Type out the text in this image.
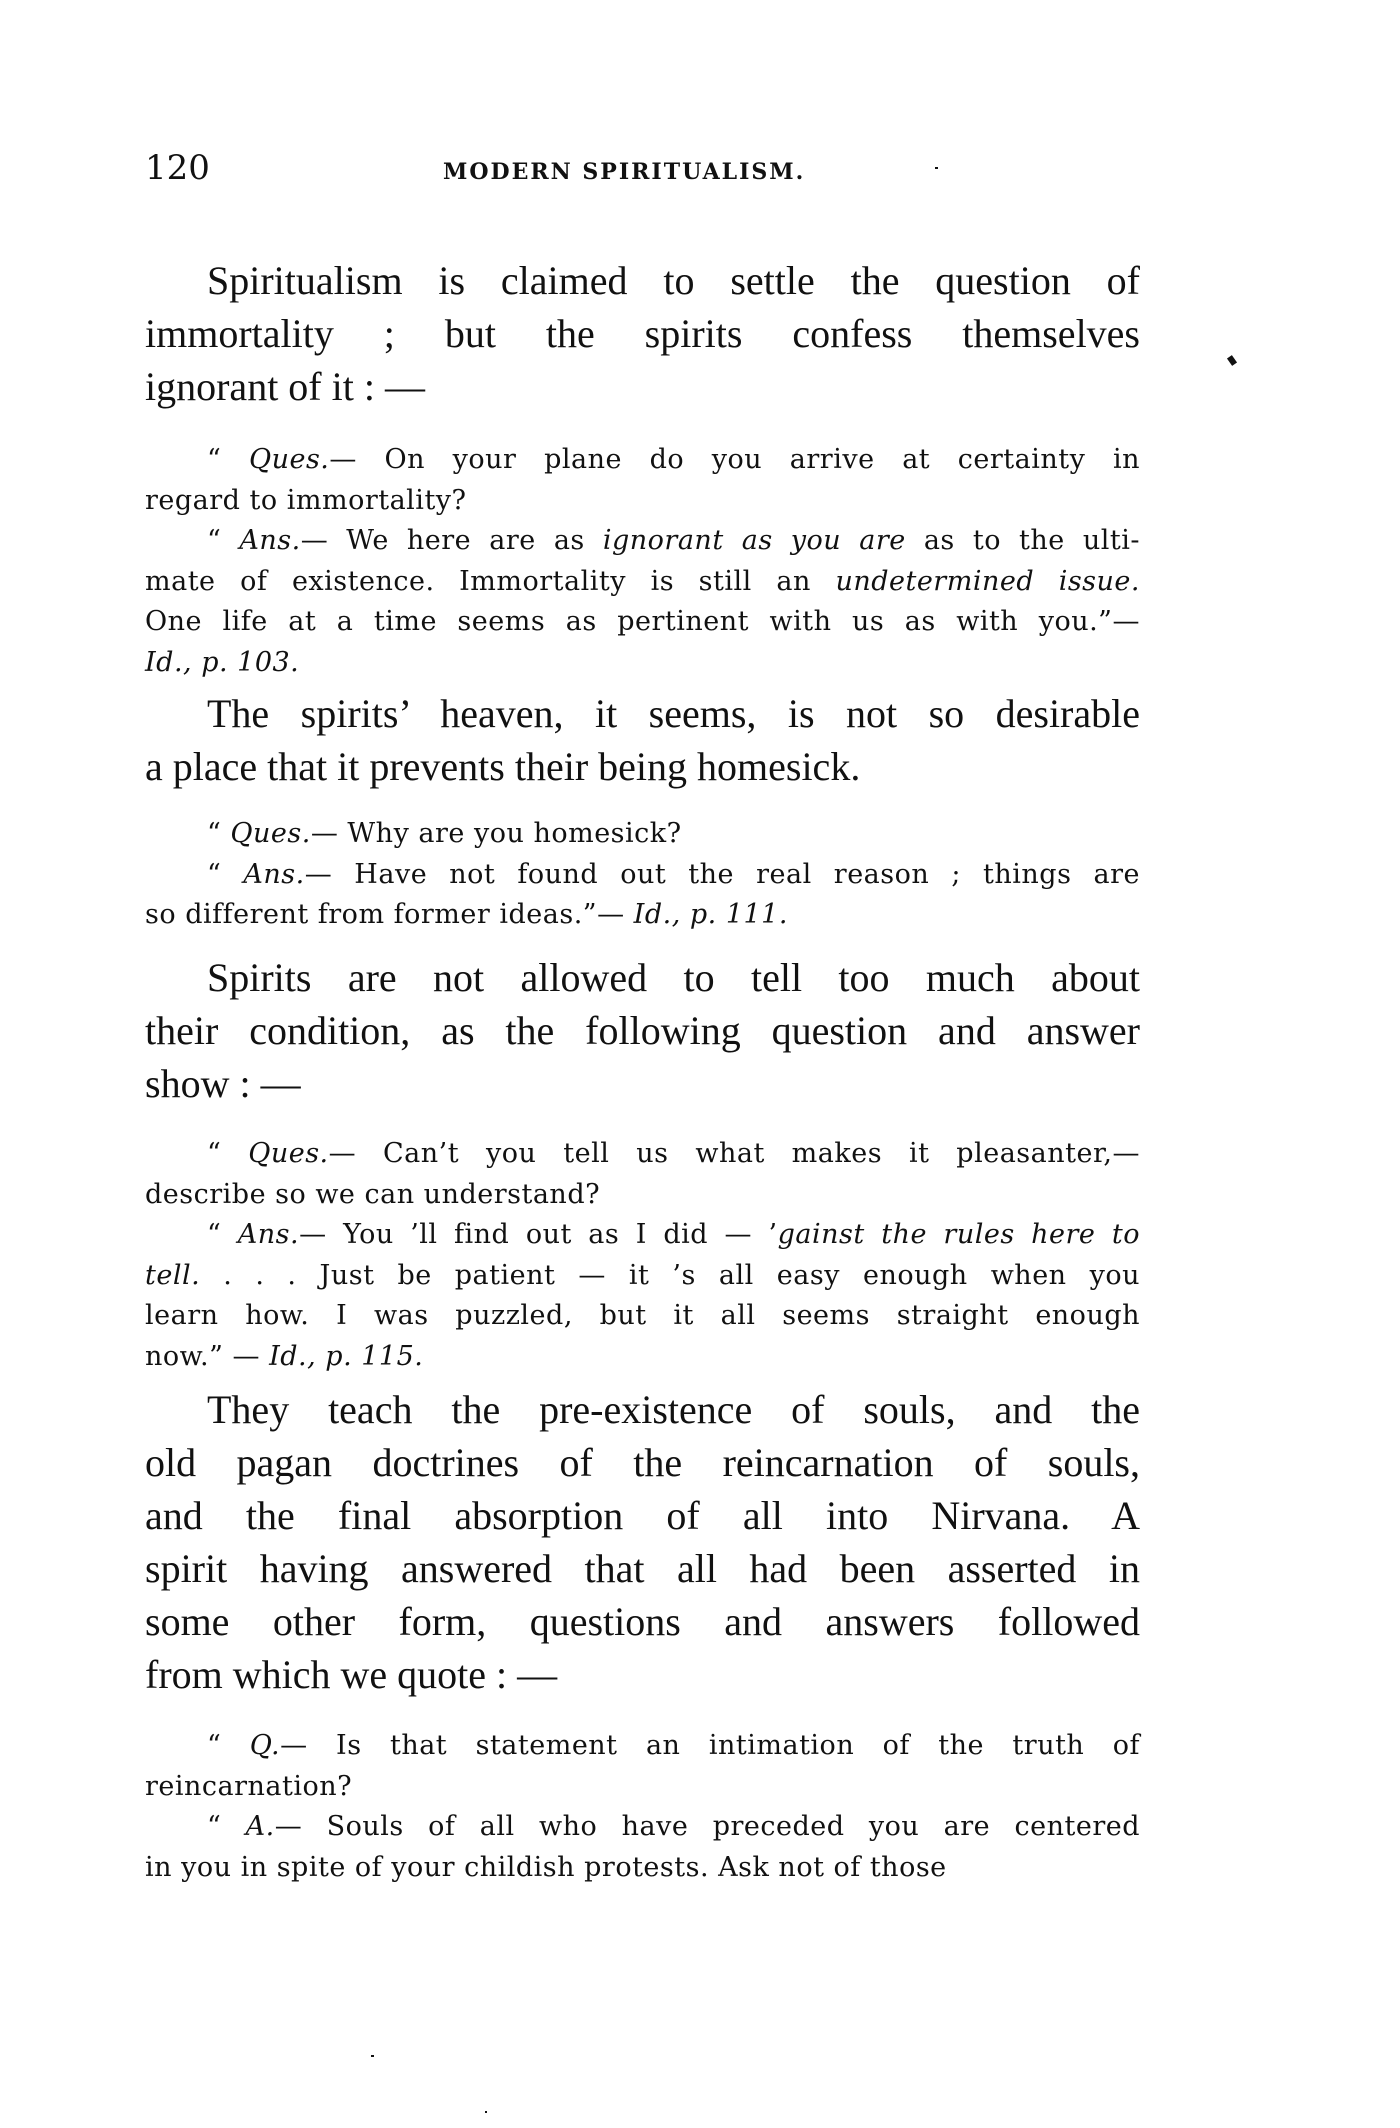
120	MODERN SPIRITUALISM.
Spiritualism is claimed to settle the question of
immortality ; but the spirits confess themselves
ignorant of it : —
“ Ques.— On your plane do you arrive at certainty in
regard to immortality?
“ Ans.— We here are as ignorant as you are as to the ulti-
mate of existence. Immortality is still an undetermined issue.
One life at a time seems as pertinent with us as with you.”—
Id., p. 103.
The spirits’ heaven, it seems, is not so desirable
a place that it prevents their being homesick.
“ Ques.— Why are you homesick?
“ Ans.— Have not found out the real reason ; things are
so different from former ideas.”— Id., p. 111.
Spirits are not allowed to tell too much about
their condition, as the following question and answer
show : —
“ Ques.— Can’t you tell us what makes it pleasanter,—
describe so we can understand?
“ Ans.— You ’ll find out as I did — ’gainst the rules here to
tell. . . . Just be patient — it ’s all easy enough when you
learn how. I was puzzled, but it all seems straight enough
now.” — Id., p. 115.
They teach the pre-existence of souls, and the
old pagan doctrines of the reincarnation of souls,
and the final absorption of all into Nirvana. A
spirit having answered that all had been asserted in
some other form, questions and answers followed
from which we quote : —
“ Q.— Is that statement an intimation of the truth of
reincarnation?
“ A.— Souls of all who have preceded you are centered
in you in spite of your childish protests. Ask not of those
